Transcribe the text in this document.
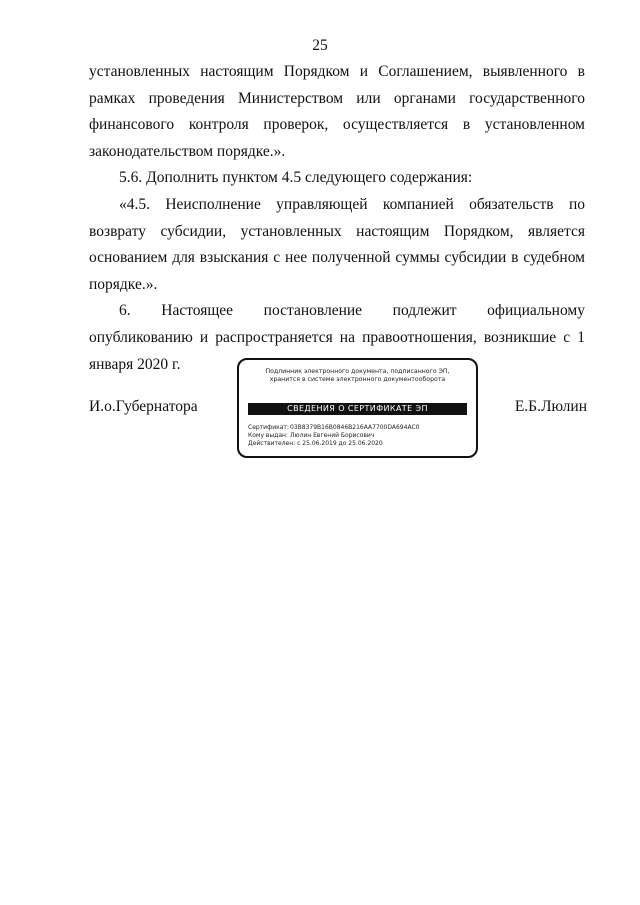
25

установленных настоящим Порядком и Соглашением, выявленного в рамках проведения Министерством или органами государственного финансового контроля проверок, осуществляется в установленном законодательством порядке.».

5.6. Дополнить пунктом 4.5 следующего содержания:

«4.5. Неисполнение управляющей компанией обязательств по возврату субсидии, установленных настоящим Порядком, является основанием для взыскания с нее полученной суммы субсидии в судебном порядке.».

6. Настоящее постановление подлежит официальному опубликованию и распространяется на правоотношения, возникшие с 1 января 2020 г.

И.о.Губернатора
Подлинник электронного документа, подписанного ЭП,
хранится в системе электронного документооборота
СВЕДЕНИЯ О СЕРТИФИКАТЕ ЭП
Сертификат:03B8379B16B0846B216AA7700DA694AC0
Кому выдан: Люлин Евгений Борисович
Действителен: с 25.06.2019 до 25.06.2020
Е.Б.Люлин
